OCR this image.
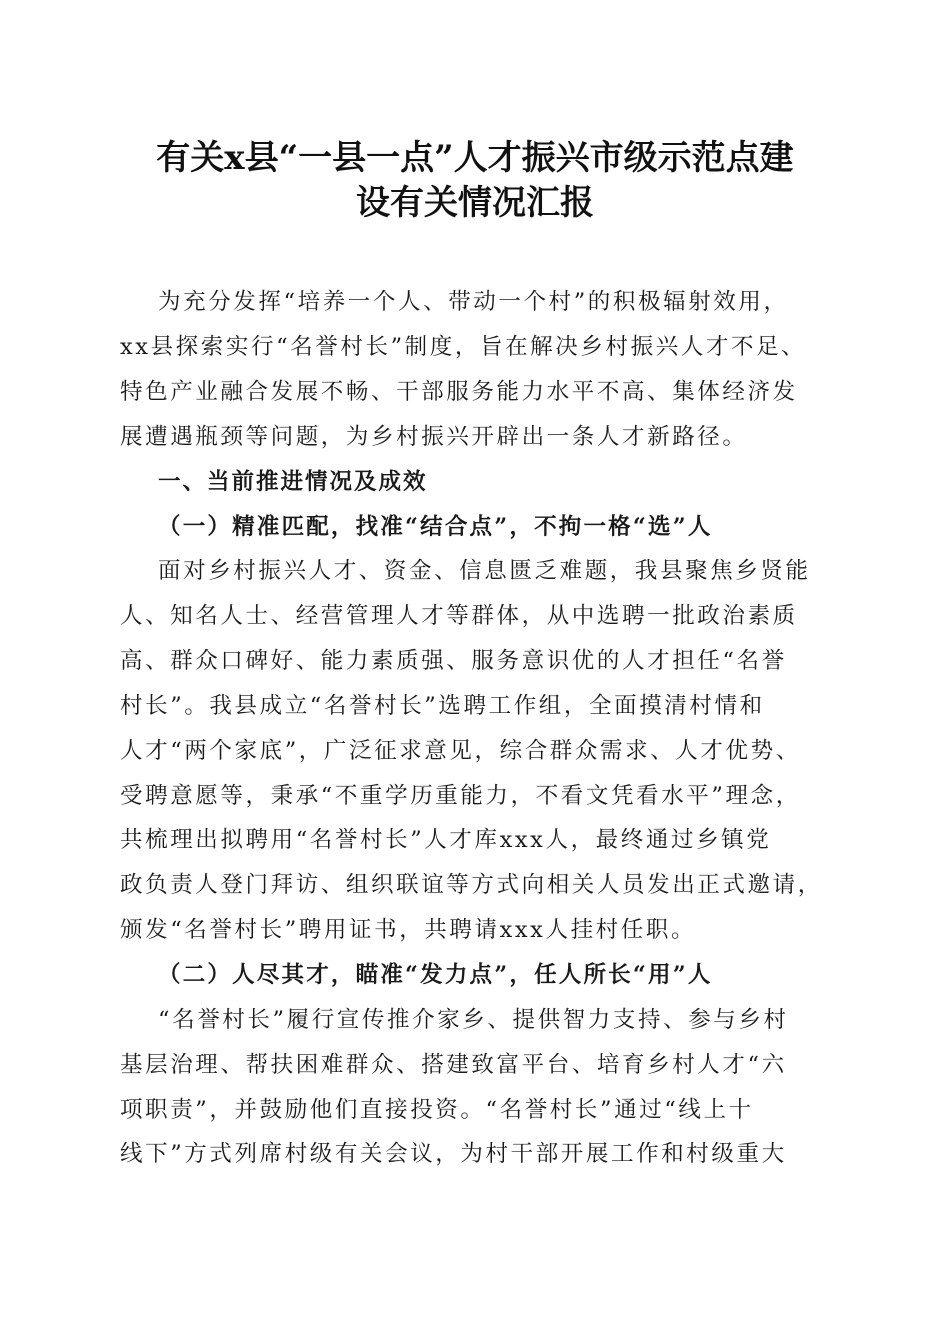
有关x县“一县一点”人才振兴市级示范点建
设有关情况汇报
为充分发挥“培养一个人、带动一个村”的积极辐射效用，
xx县探索实行“名誉村长”制度，旨在解决乡村振兴人才不足、
特色产业融合发展不畅、干部服务能力水平不高、集体经济发
展遭遇瓶颈等问题，为乡村振兴开辟出一条人才新路径。
一、当前推进情况及成效
（一）精准匹配，找准“结合点”，不拘一格“选”人
面对乡村振兴人才、资金、信息匮乏难题，我县聚焦乡贤能
人、知名人士、经营管理人才等群体，从中选聘一批政治素质
高、群众口碑好、能力素质强、服务意识优的人才担任“名誉
村长”。我县成立“名誉村长”选聘工作组，全面摸清村情和
人才“两个家底”，广泛征求意见，综合群众需求、人才优势、
受聘意愿等，秉承“不重学历重能力，不看文凭看水平”理念，
共梳理出拟聘用“名誉村长”人才库xxx人，最终通过乡镇党
政负责人登门拜访、组织联谊等方式向相关人员发出正式邀请，
颁发“名誉村长”聘用证书，共聘请xxx人挂村任职。
（二）人尽其才，瞄准“发力点”，任人所长“用”人
“名誉村长”履行宣传推介家乡、提供智力支持、参与乡村
基层治理、帮扶困难群众、搭建致富平台、培育乡村人才“六
项职责”，并鼓励他们直接投资。“名誉村长”通过“线上十
线下”方式列席村级有关会议，为村干部开展工作和村级重大
